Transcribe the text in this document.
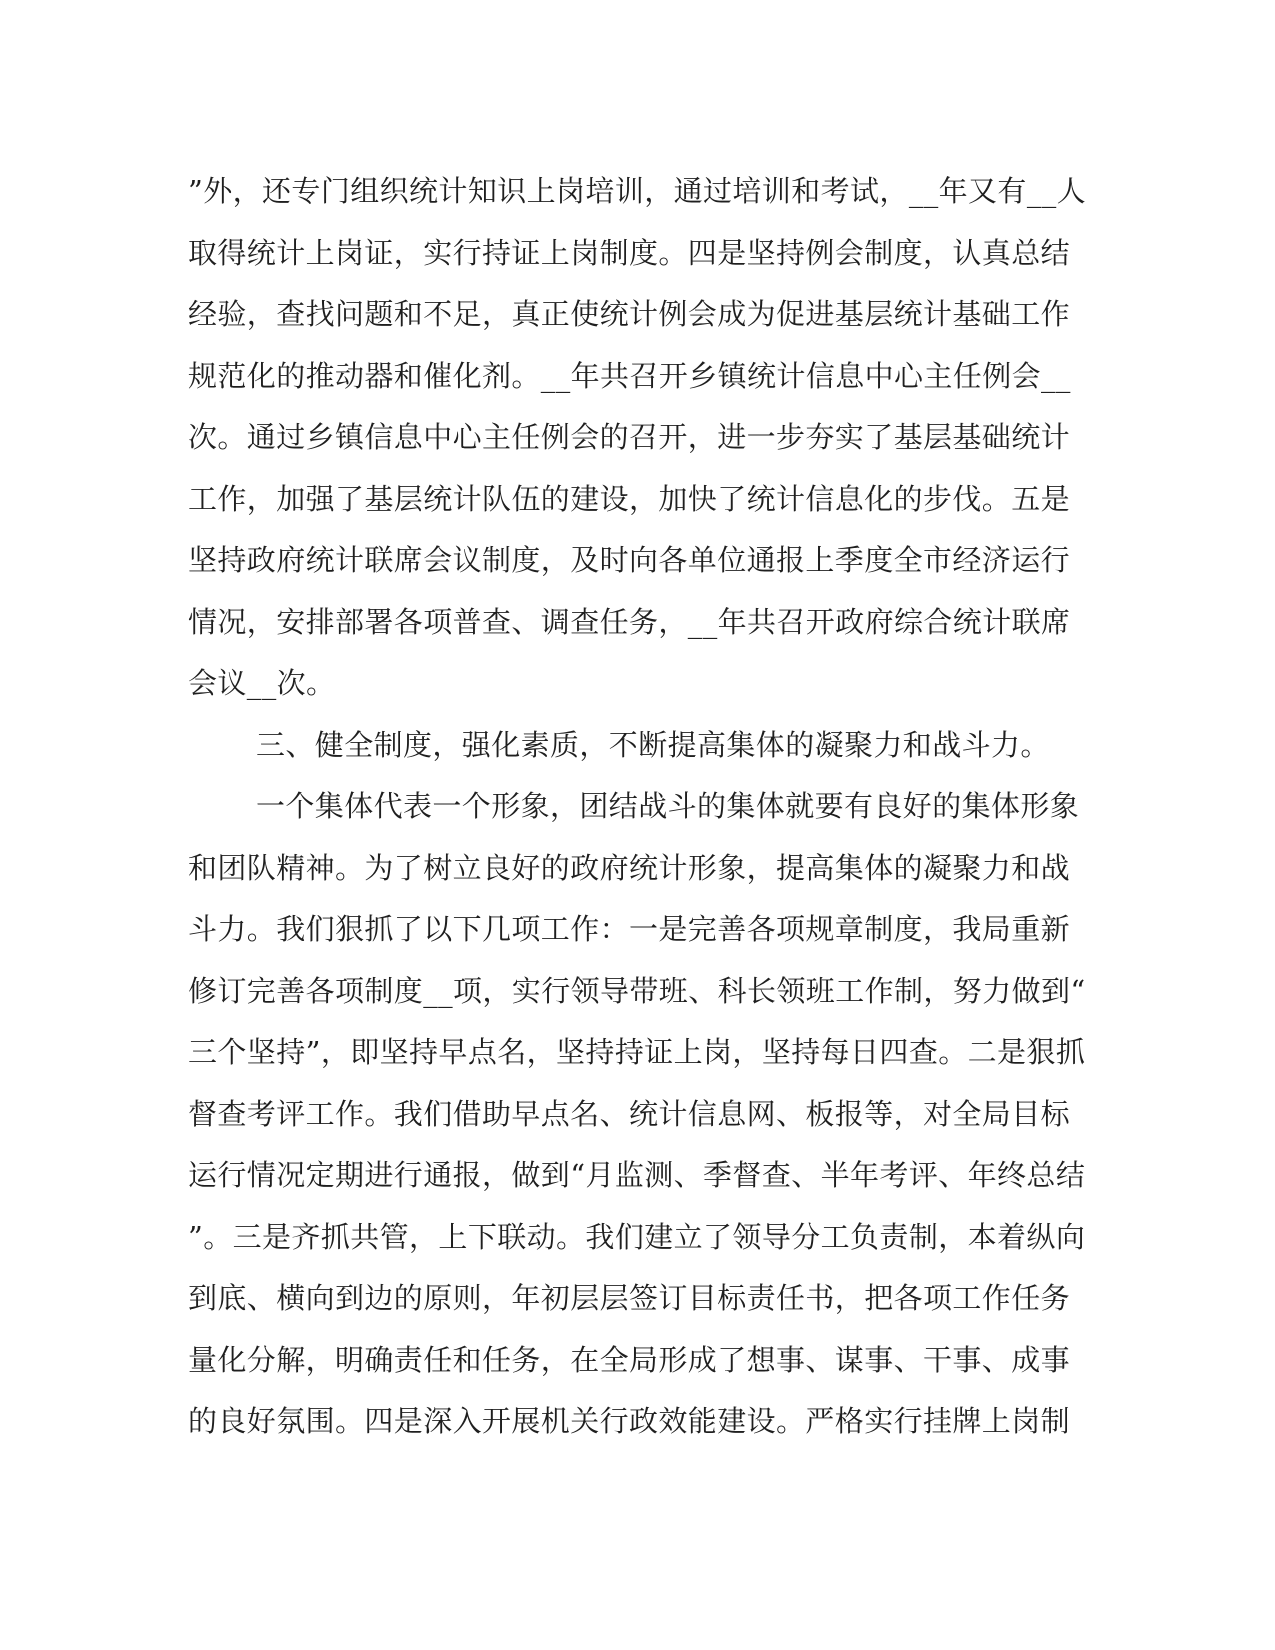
”外，还专门组织统计知识上岗培训，通过培训和考试，__年又有__人
取得统计上岗证，实行持证上岗制度。四是坚持例会制度，认真总结
经验，查找问题和不足，真正使统计例会成为促进基层统计基础工作
规范化的推动器和催化剂。__年共召开乡镇统计信息中心主任例会__
次。通过乡镇信息中心主任例会的召开，进一步夯实了基层基础统计
工作，加强了基层统计队伍的建设，加快了统计信息化的步伐。五是
坚持政府统计联席会议制度，及时向各单位通报上季度全市经济运行
情况，安排部署各项普查、调查任务，__年共召开政府综合统计联席
会议__次。
三、健全制度，强化素质，不断提高集体的凝聚力和战斗力。
一个集体代表一个形象，团结战斗的集体就要有良好的集体形象
和团队精神。为了树立良好的政府统计形象，提高集体的凝聚力和战
斗力。我们狠抓了以下几项工作：一是完善各项规章制度，我局重新
修订完善各项制度__项，实行领导带班、科长领班工作制，努力做到“
三个坚持”，即坚持早点名，坚持持证上岗，坚持每日四查。二是狠抓
督查考评工作。我们借助早点名、统计信息网、板报等，对全局目标
运行情况定期进行通报，做到“月监测、季督查、半年考评、年终总结
”。三是齐抓共管，上下联动。我们建立了领导分工负责制，本着纵向
到底、横向到边的原则，年初层层签订目标责任书，把各项工作任务
量化分解，明确责任和任务，在全局形成了想事、谋事、干事、成事
的良好氛围。四是深入开展机关行政效能建设。严格实行挂牌上岗制
